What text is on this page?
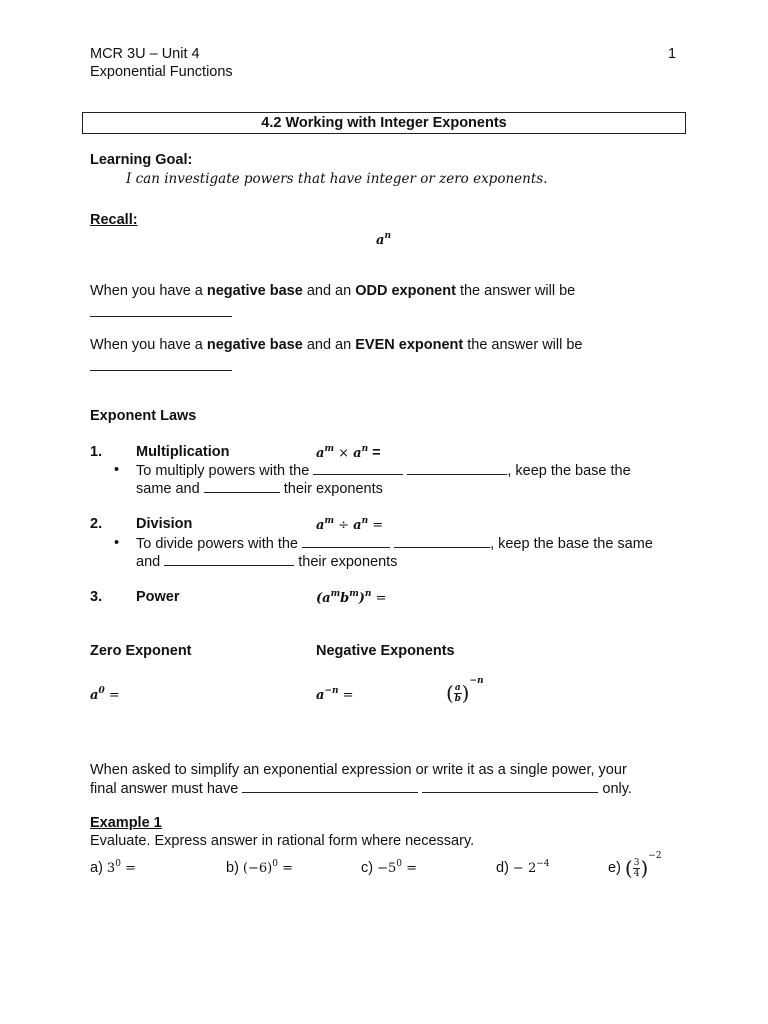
MCR 3U – Unit 4
Exponential Functions
1
4.2 Working with Integer Exponents
Learning Goal:
I can investigate powers that have integer or zero exponents.
Recall:
$a^n$
When you have a negative base and an ODD exponent the answer will be
When you have a negative base and an EVEN exponent the answer will be
Exponent Laws
1. Multiplication	$a^m \times a^n$ =
• To multiply powers with the	, keep the base the
same and	their exponents
2. Division	$a^m \div a^n$ =
• To divide powers with the	, keep the base the same
and	their exponents
3. Power	$(a^mb^m)^n$ =
Zero Exponent	Negative Exponents
$a^0$ =	$a^{-n}$ =	( $\frac{a}{b} )^{-n}$
When asked to simplify an exponential expression or write it as a single power, your
final answer must have	only.
Example 1
Evaluate. Express answer in rational form where necessary.
a) $3^0$ =	b) $(-6)^0$ =	$c) -5^0$ =	$d) - 2^{-4}$	e) ( $\frac{3}{4} )^{-2}$
